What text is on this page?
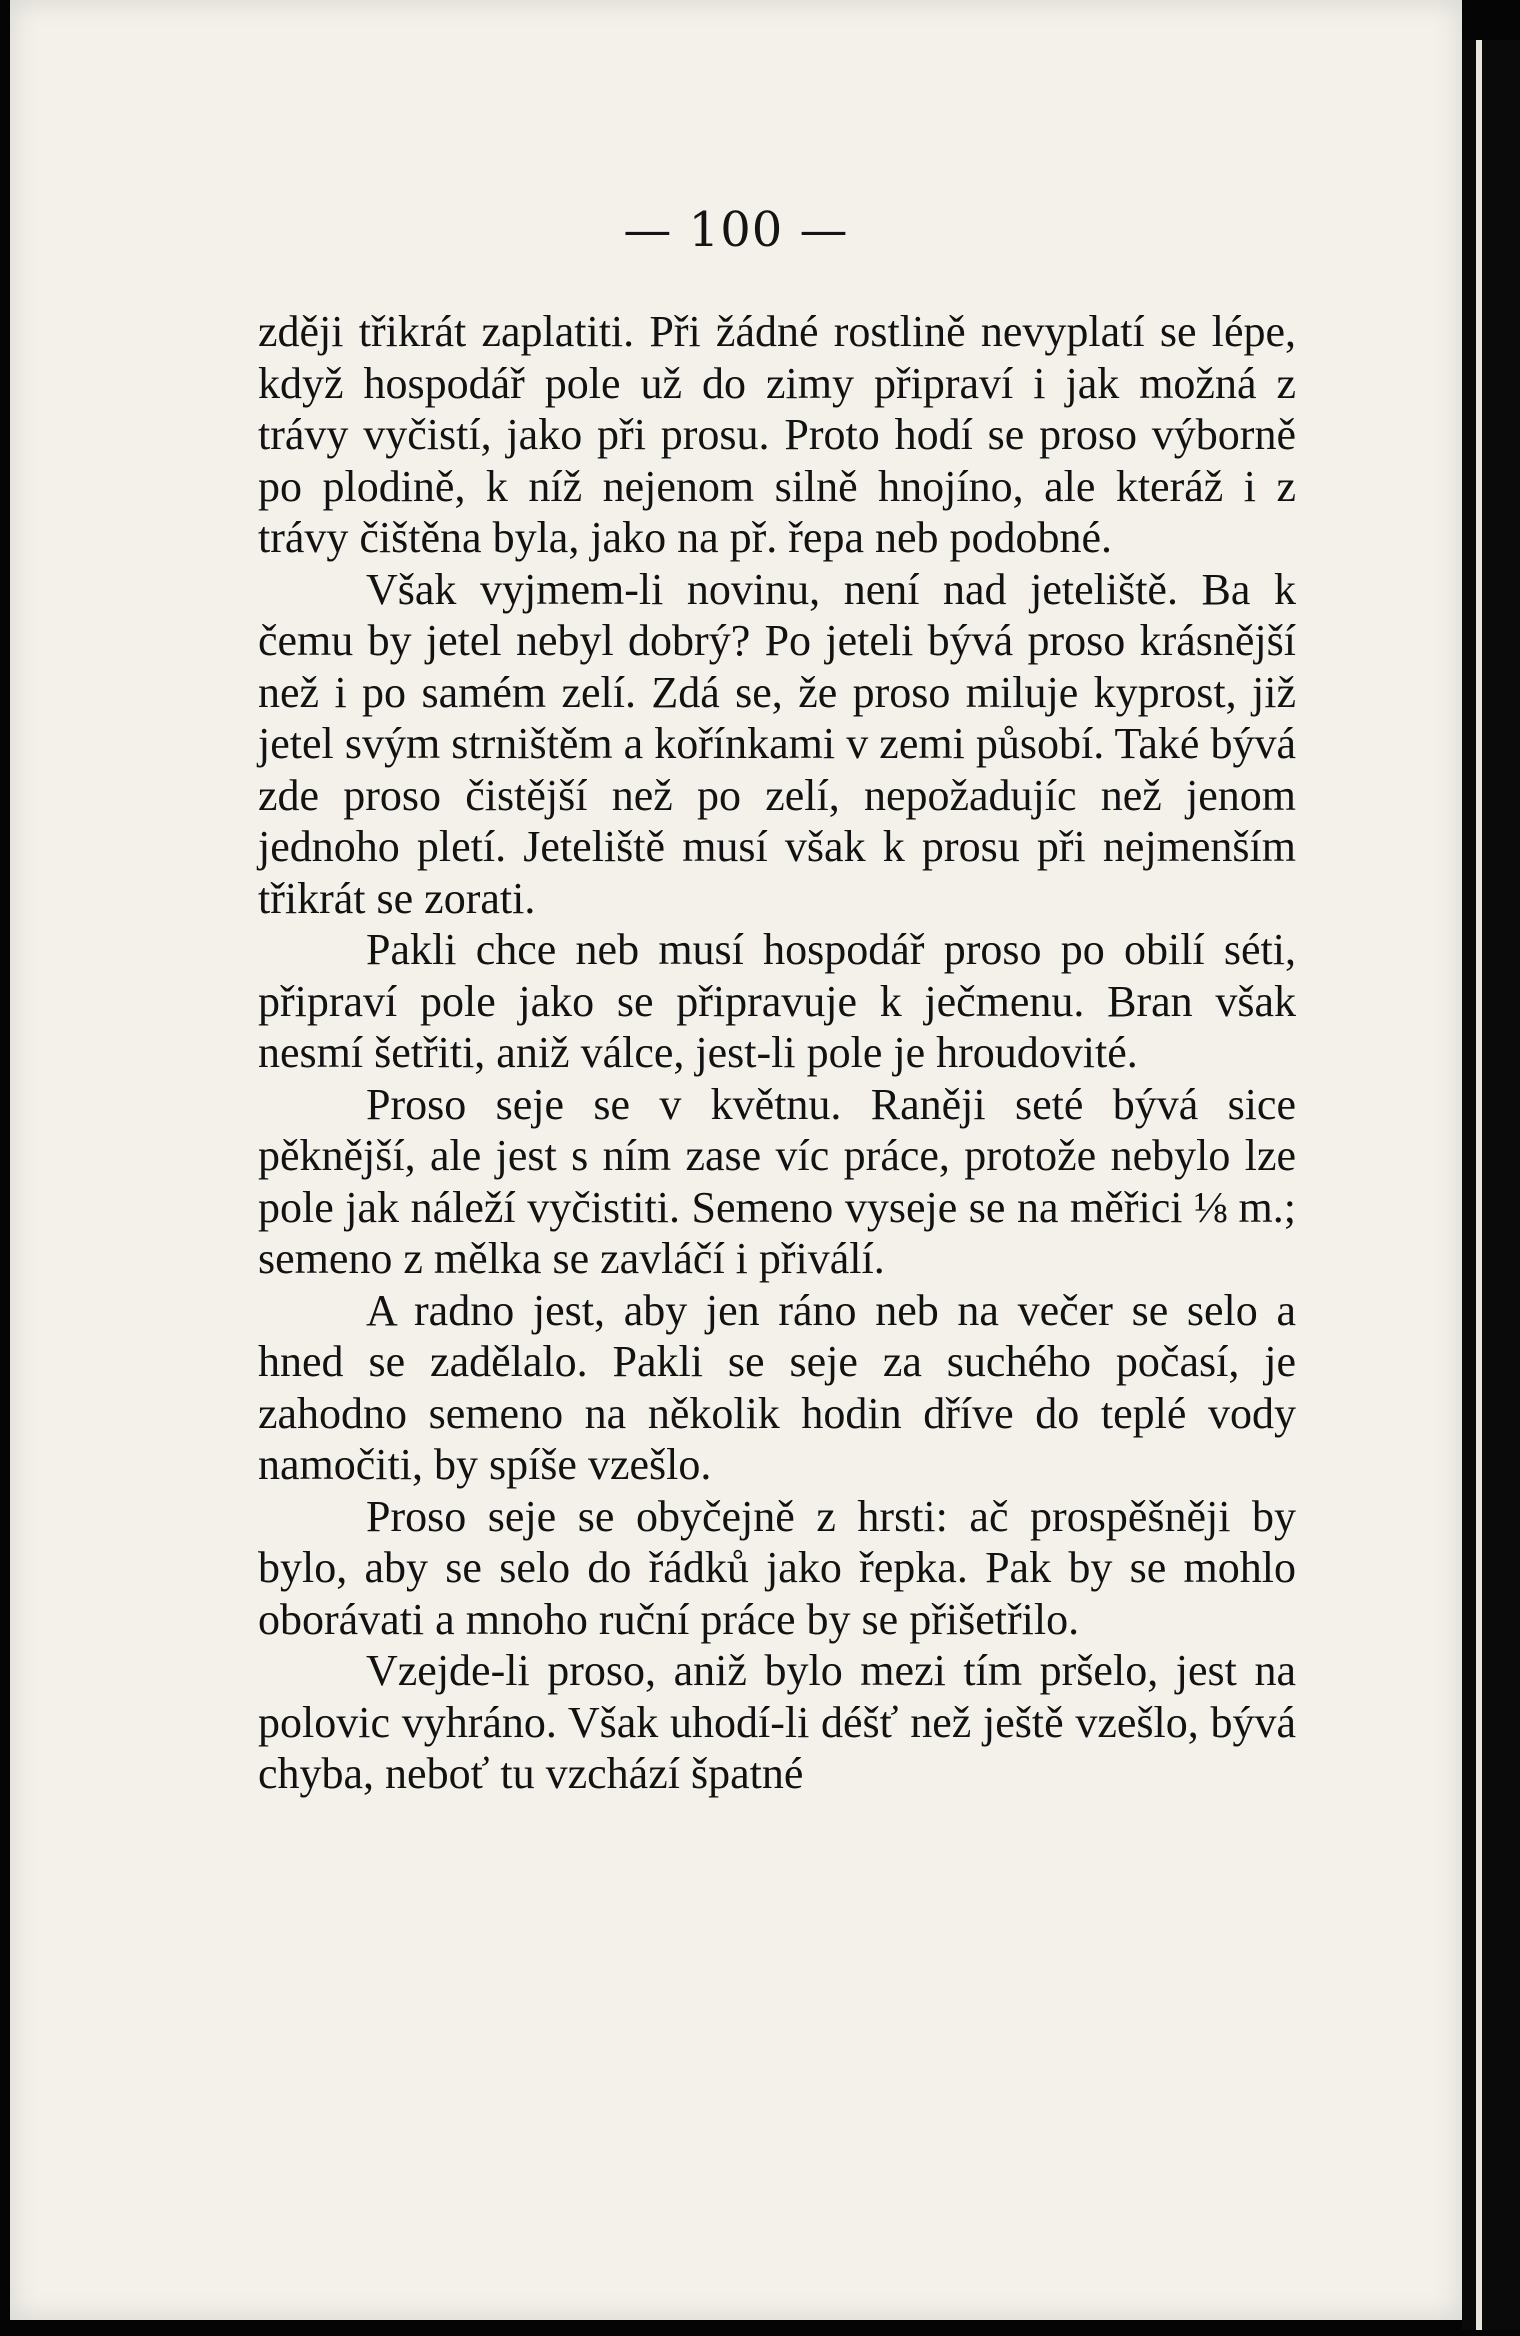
— 100 —

zději třikrát zaplatiti. Při žádné rostlině nevyplatí se lépe, když hospodář pole už do zimy připraví i jak možná z trávy vyčistí, jako při prosu. Proto hodí se proso výborně po plodině, k níž nejenom silně hnojíno, ale kteráž i z trávy čištěna byla, jako na př. řepa neb podobné.

Však vyjmem-li novinu, není nad jeteliště. Ba k čemu by jetel nebyl dobrý? Po jeteli bývá proso krásnější než i po samém zelí. Zdá se, že proso miluje kyprost, již jetel svým strništěm a kořínkami v zemi působí. Také bývá zde proso čistější než po zelí, nepožadujíc než jenom jednoho pletí. Jeteliště musí však k prosu při nejmenším třikrát se zorati.

Pakli chce neb musí hospodář proso po obilí séti, připraví pole jako se připravuje k ječmenu. Bran však nesmí šetřiti, aniž válce, jest-li pole je hroudovité.

Proso seje se v květnu. Raněji seté bývá sice pěknější, ale jest s ním zase víc práce, protože nebylo lze pole jak náleží vyčistiti. Semeno vyseje se na měřici ⅛ m.; semeno z mělka se zavláčí i přiválí.

A radno jest, aby jen ráno neb na večer se selo a hned se zadělalo. Pakli se seje za suchého počasí, je zahodno semeno na několik hodin dříve do teplé vody namočiti, by spíše vzešlo.

Proso seje se obyčejně z hrsti: ač prospěšněji by bylo, aby se selo do řádků jako řepka. Pak by se mohlo oborávati a mnoho ruční práce by se přišetřilo.

Vzejde-li proso, aniž bylo mezi tím pršelo, jest na polovic vyhráno. Však uhodí-li déšť než ještě vzešlo, bývá chyba, neboť tu vzchází špatné
